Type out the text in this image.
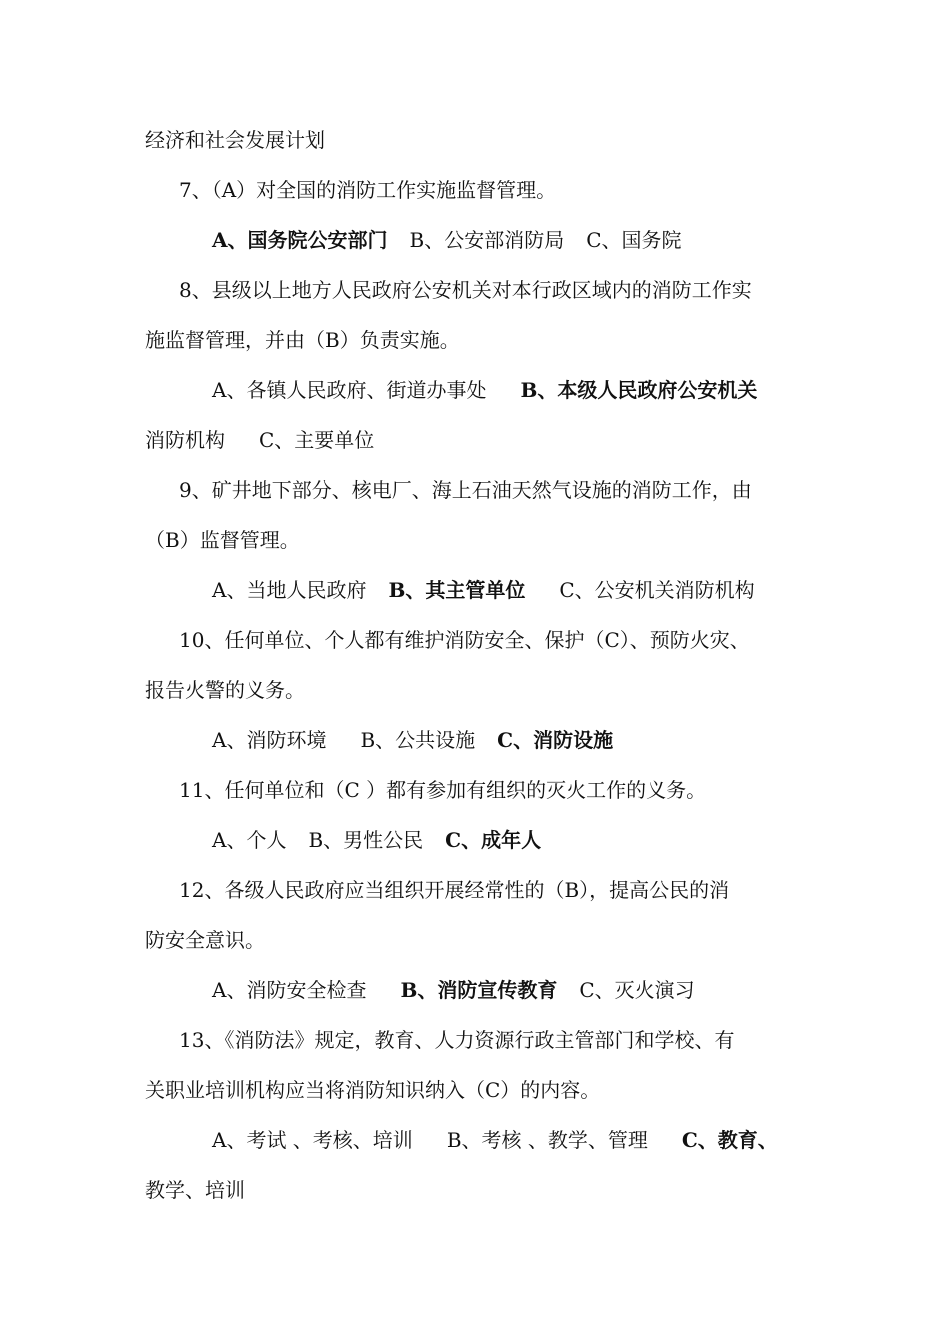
经济和社会发展计划
7、（A）对全国的消防工作实施监督管理。
A、国务院公安部门 B、公安部消防局 C、国务院
8、县级以上地方人民政府公安机关对本行政区域内的消防工作实
施监督管理，并由（B）负责实施。
A、各镇人民政府、街道办事处 B、本级人民政府公安机关
消防机构 C、主要单位
9、矿井地下部分、核电厂、海上石油天然气设施的消防工作，由
（B）监督管理。
A、当地人民政府 B、其主管单位 C、公安机关消防机构
10、任何单位、个人都有维护消防安全、保护（C）、预防火灾、
报告火警的义务。
A、消防环境 B、公共设施 C、消防设施
11、任何单位和（C ）都有参加有组织的灭火工作的义务。
A、个人 B、男性公民 C、成年人
12、各级人民政府应当组织开展经常性的（B），提高公民的消
防安全意识。
A、消防安全检查 B、消防宣传教育 C、灭火演习
13、《消防法》规定，教育、人力资源行政主管部门和学校、有
关职业培训机构应当将消防知识纳入（C）的内容。
A、考试 、考核、培训 B、考核 、教学、管理 C、教育、
教学、培训
